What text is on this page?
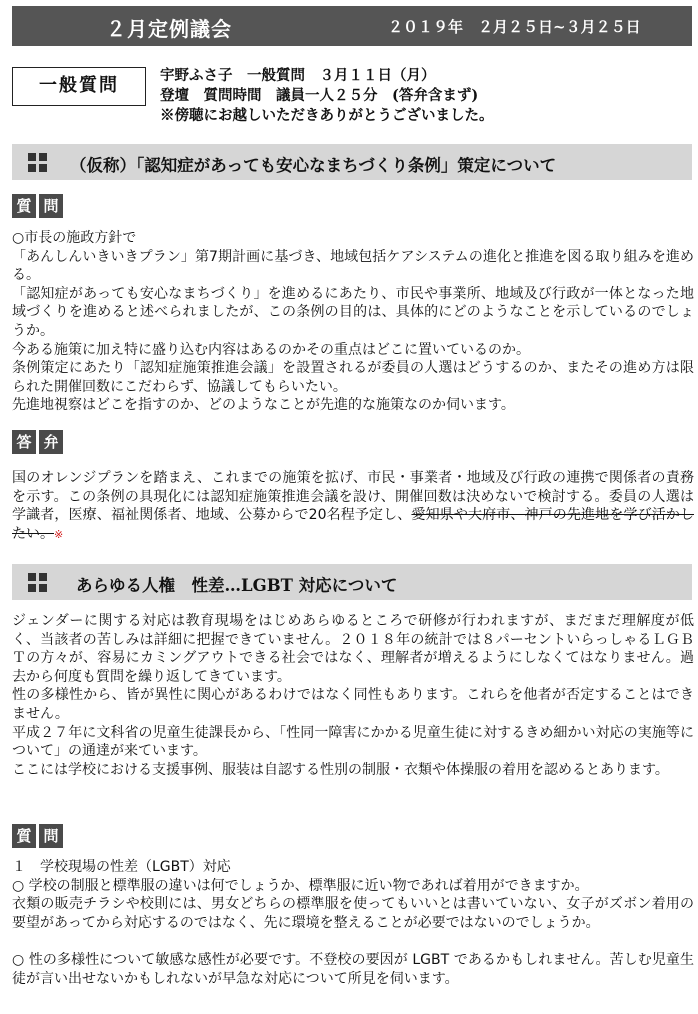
２月定例議会	２０１９年　２月２５日~３月２５日
一般質問	宇野ふさ子　一般質問　３月１１日（月）
登壇　質問時間　議員一人２５分　(答弁含まず)
※傍聴にお越しいただきありがとうございました。
（仮称）「認知症があっても安心なまちづくり条例」策定について
質 問

○市長の施政方針で

「あんしんいきいきプラン」第7期計画に基づき、地域包括ケアシステムの進化と推進を図る取り組みを進める。

「認知症があっても安心なまちづくり」を進めるにあたり、市民や事業所、地域及び行政が一体となった地域づくりを進めると述べられましたが、この条例の目的は、具体的にどのようなことを示しているのでしょうか。

今ある施策に加え特に盛り込む内容はあるのかその重点はどこに置いているのか。

条例策定にあたり「認知症施策推進会議」を設置されるが委員の人選はどうするのか、またその進め方は限られた開催回数にこだわらず、協議してもらいたい。

先進地視察はどこを指すのか、どのようなことが先進的な施策なのか伺います。

答 弁

国のオレンジプランを踏まえ、これまでの施策を拡げ、市民・事業者・地域及び行政の連携で関係者の責務を示す。この条例の具現化には認知症施策推進会議を設け、開催回数は決めないで検討する。委員の人選は学識者，医療、福祉関係者、地域、公募からで20名程予定し、愛知県や大府市、神戸の先進地を学び活かしたい。※

あらゆる人権　性差…LGBT 対応について

ジェンダーに関する対応は教育現場をはじめあらゆるところで研修が行われますが、まだまだ理解度が低く、当該者の苦しみは詳細に把握できていません。２０１８年の統計では８パーセントいらっしゃるＬＧＢＴの方々が、容易にカミングアウトできる社会ではなく、理解者が増えるようにしなくてはなりません。過去から何度も質問を繰り返してきています。

性の多様性から、皆が異性に関心があるわけではなく同性もあります。これらを他者が否定することはできません。

平成２７年に文科省の児童生徒課長から、「性同一障害にかかる児童生徒に対するきめ細かい対応の実施等について」の通達が来ています。

ここには学校における支援事例、服装は自認する性別の制服・衣類や体操服の着用を認めるとあります。

質 問

１　学校現場の性差（LGBT）対応

○ 学校の制服と標準服の違いは何でしょうか、標準服に近い物であれば着用ができますか。

衣類の販売チラシや校則には、男女どちらの標準服を使ってもいいとは書いていない、女子がズボン着用の要望があってから対応するのではなく、先に環境を整えることが必要ではないのでしょうか。

○ 性の多様性について敏感な感性が必要です。不登校の要因が LGBT であるかもしれません。苦しむ児童生徒が言い出せないかもしれないが早急な対応について所見を伺います。
